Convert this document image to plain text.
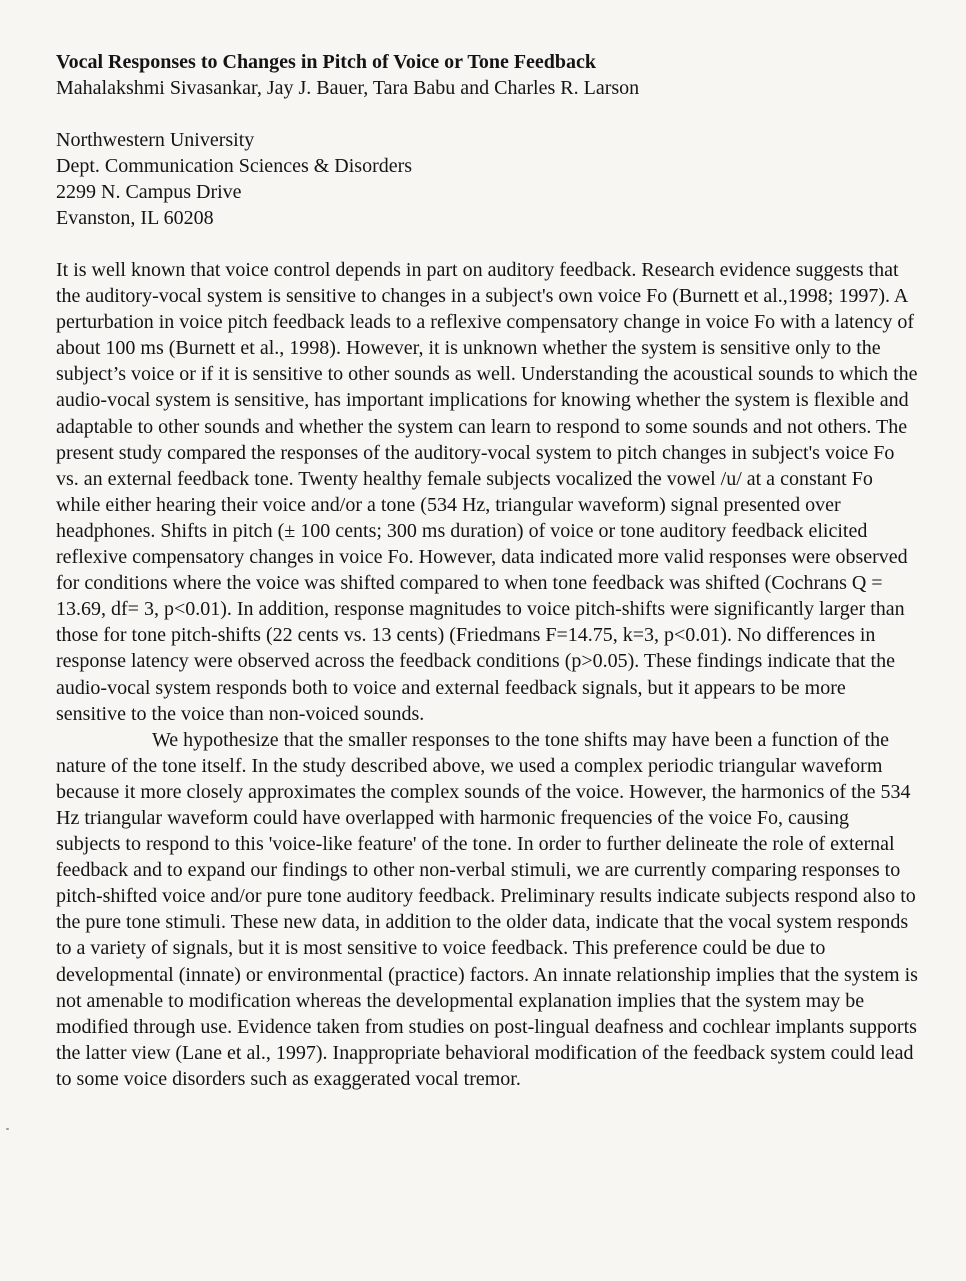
Vocal Responses to Changes in Pitch of Voice or Tone Feedback
Mahalakshmi Sivasankar, Jay J. Bauer, Tara Babu and Charles R. Larson
Northwestern University
Dept. Communication Sciences & Disorders
2299 N. Campus Drive
Evanston, IL 60208

It is well known that voice control depends in part on auditory feedback. Research evidence suggests that the auditory-vocal system is sensitive to changes in a subject's own voice Fo (Burnett et al.,1998; 1997). A perturbation in voice pitch feedback leads to a reflexive compensatory change in voice Fo with a latency of about 100 ms (Burnett et al., 1998). However, it is unknown whether the system is sensitive only to the subject’s voice or if it is sensitive to other sounds as well. Understanding the acoustical sounds to which the audio-vocal system is sensitive, has important implications for knowing whether the system is flexible and adaptable to other sounds and whether the system can learn to respond to some sounds and not others. The present study compared the responses of the auditory-vocal system to pitch changes in subject's voice Fo vs. an external feedback tone. Twenty healthy female subjects vocalized the vowel /u/ at a constant Fo while either hearing their voice and/or a tone (534 Hz, triangular waveform) signal presented over headphones. Shifts in pitch (± 100 cents; 300 ms duration) of voice or tone auditory feedback elicited reflexive compensatory changes in voice Fo. However, data indicated more valid responses were observed for conditions where the voice was shifted compared to when tone feedback was shifted (Cochrans Q = 13.69, df= 3, p<0.01). In addition, response magnitudes to voice pitch-shifts were significantly larger than those for tone pitch-shifts (22 cents vs. 13 cents) (Friedmans F=14.75, k=3, p<0.01). No differences in response latency were observed across the feedback conditions (p>0.05). These findings indicate that the audio-vocal system responds both to voice and external feedback signals, but it appears to be more sensitive to the voice than non-voiced sounds.

We hypothesize that the smaller responses to the tone shifts may have been a function of the nature of the tone itself. In the study described above, we used a complex periodic triangular waveform because it more closely approximates the complex sounds of the voice. However, the harmonics of the 534 Hz triangular waveform could have overlapped with harmonic frequencies of the voice Fo, causing subjects to respond to this 'voice-like feature' of the tone. In order to further delineate the role of external feedback and to expand our findings to other non-verbal stimuli, we are currently comparing responses to pitch-shifted voice and/or pure tone auditory feedback. Preliminary results indicate subjects respond also to the pure tone stimuli. These new data, in addition to the older data, indicate that the vocal system responds to a variety of signals, but it is most sensitive to voice feedback. This preference could be due to developmental (innate) or environmental (practice) factors. An innate relationship implies that the system is not amenable to modification whereas the developmental explanation implies that the system may be modified through use. Evidence taken from studies on post-lingual deafness and cochlear implants supports the latter view (Lane et al., 1997). Inappropriate behavioral modification of the feedback system could lead to some voice disorders such as exaggerated vocal tremor.
